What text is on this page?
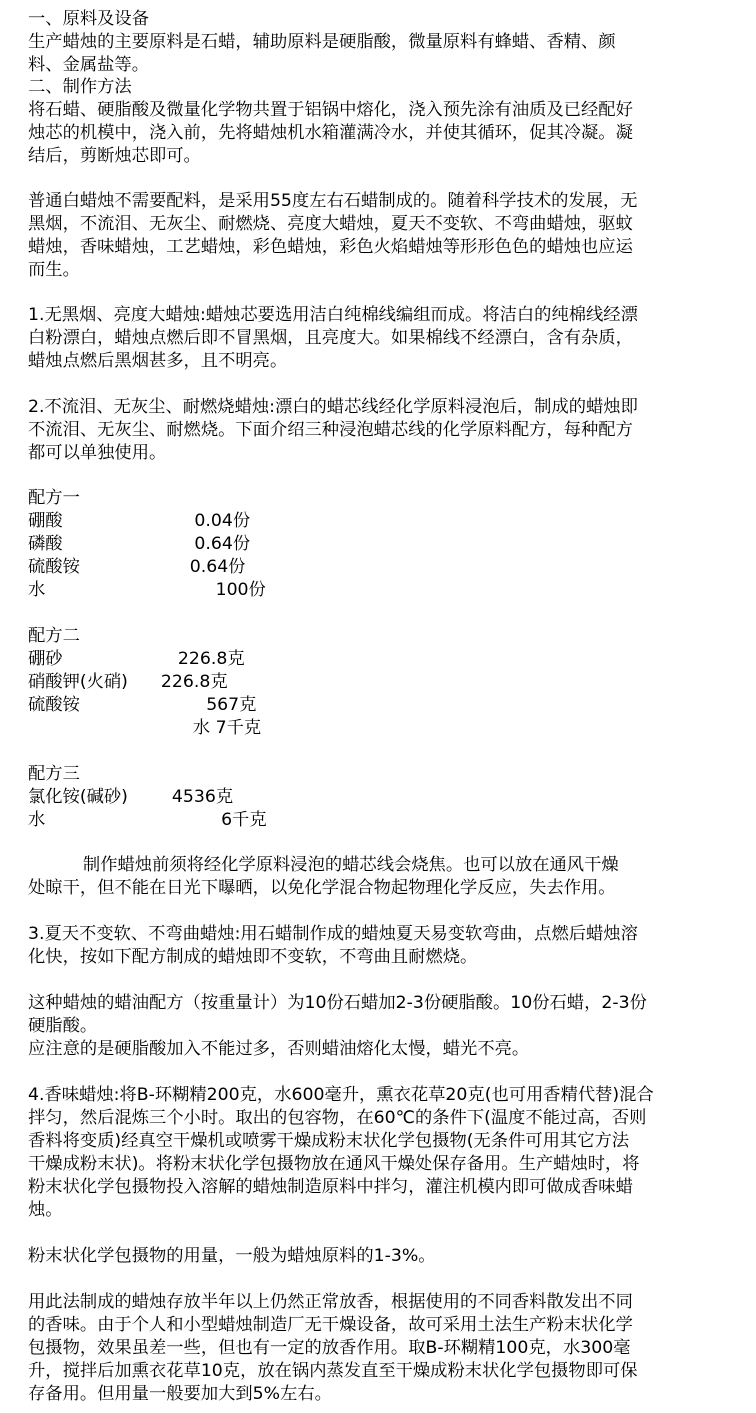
一、原料及设备
生产蜡烛的主要原料是石蜡，辅助原料是硬脂酸，微量原料有蜂蜡、香精、颜
料、金属盐等。
二、制作方法
将石蜡、硬脂酸及微量化学物共置于铝锅中熔化，浇入预先涂有油质及已经配好
烛芯的机模中，浇入前，先将蜡烛机水箱灌满冷水，并使其循环，促其冷凝。凝
结后，剪断烛芯即可。
普通白蜡烛不需要配料，是采用55度左右石蜡制成的。随着科学技术的发展，无
黑烟，不流泪、无灰尘、耐燃烧、亮度大蜡烛，夏天不变软、不弯曲蜡烛，驱蚊
蜡烛，香味蜡烛，工艺蜡烛，彩色蜡烛，彩色火焰蜡烛等形形色色的蜡烛也应运
而生。
1.无黑烟、亮度大蜡烛:蜡烛芯要选用洁白纯棉线编组而成。将洁白的纯棉线经漂
白粉漂白，蜡烛点燃后即不冒黑烟，且亮度大。如果棉线不经漂白，含有杂质，
蜡烛点燃后黑烟甚多，且不明亮。
2.不流泪、无灰尘、耐燃烧蜡烛:漂白的蜡芯线经化学原料浸泡后，制成的蜡烛即
不流泪、无灰尘、耐燃烧。下面介绍三种浸泡蜡芯线的化学原料配方，每种配方
都可以单独使用。
配方一
硼酸                        0.04份
磷酸                        0.64份
硫酸铵                    0.64份
水                               100份
配方二
硼砂                     226.8克
硝酸钾(火硝)      226.8克
硫酸铵                       567克
水 7千克
配方三
氯化铵(碱砂)        4536克
水                                6千克
制作蜡烛前须将经化学原料浸泡的蜡芯线会烧焦。也可以放在通风干燥
处晾干，但不能在日光下曝晒，以免化学混合物起物理化学反应，失去作用。
3.夏天不变软、不弯曲蜡烛:用石蜡制作成的蜡烛夏天易变软弯曲，点燃后蜡烛溶
化快，按如下配方制成的蜡烛即不变软，不弯曲且耐燃烧。
这种蜡烛的蜡油配方（按重量计）为10份石蜡加2-3份硬脂酸。10份石蜡，2-3份
硬脂酸。
应注意的是硬脂酸加入不能过多，否则蜡油熔化太慢，蜡光不亮。
4.香味蜡烛:将B-环糊精200克，水600毫升，熏衣花草20克(也可用香精代替)混合
拌匀，然后混炼三个小时。取出的包容物，在60℃的条件下(温度不能过高，否则
香料将变质)经真空干燥机或喷雾干燥成粉末状化学包摄物(无条件可用其它方法
干燥成粉末状)。将粉末状化学包摄物放在通风干燥处保存备用。生产蜡烛时，将
粉末状化学包摄物投入溶解的蜡烛制造原料中拌匀，灌注机模内即可做成香味蜡
烛。
粉末状化学包摄物的用量，一般为蜡烛原料的1-3%。
用此法制成的蜡烛存放半年以上仍然正常放香，根据使用的不同香料散发出不同
的香味。由于个人和小型蜡烛制造厂无干燥设备，故可采用土法生产粉末状化学
包摄物，效果虽差一些，但也有一定的放香作用。取B-环糊精100克，水300毫
升，搅拌后加熏衣花草10克，放在锅内蒸发直至干燥成粉末状化学包摄物即可保
存备用。但用量一般要加大到5%左右。
